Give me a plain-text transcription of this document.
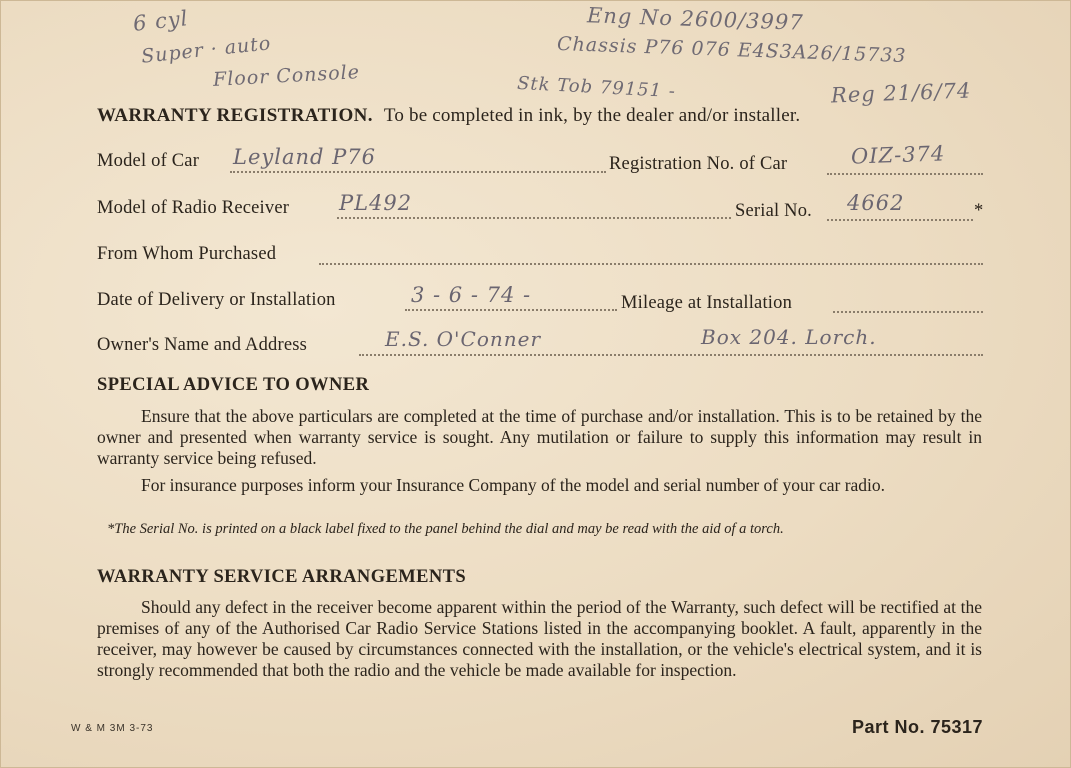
6 cyl
Super · auto
Floor Console
Eng No 2600/3997
Chassis P76 076 E4S3A26/15733
Stk Tob 79151 -	Reg 21/6/74
WARRANTY REGISTRATION. To be completed in ink, by the dealer and/or installer.
Model of Car Leyland P76	Registration No. of Car	OIZ-374
Model of Radio Receiver PL492	Serial No. 4662	*
From Whom Purchased
Date of Delivery or Installation	3 - 6 - 74 -	Mileage at Installation
Owner's Name and Address	E.S. O'Conner	Box 204. Lorch.
SPECIAL ADVICE TO OWNER
Ensure that the above particulars are completed at the time of purchase and/or installation. This is to be retained by the owner and presented when warranty service is sought. Any mutilation or failure to supply this information may result in warranty service being refused.
For insurance purposes inform your Insurance Company of the model and serial number of your car radio.
*The Serial No. is printed on a black label fixed to the panel behind the dial and may be read with the aid of a torch.
WARRANTY SERVICE ARRANGEMENTS
Should any defect in the receiver become apparent within the period of the Warranty, such defect will be rectified at the premises of any of the Authorised Car Radio Service Stations listed in the accompanying booklet. A fault, apparently in the receiver, may however be caused by circumstances connected with the installation, or the vehicle's electrical system, and it is strongly recommended that both the radio and the vehicle be made available for inspection.
W & M 3M 3-73	Part No. 75317
